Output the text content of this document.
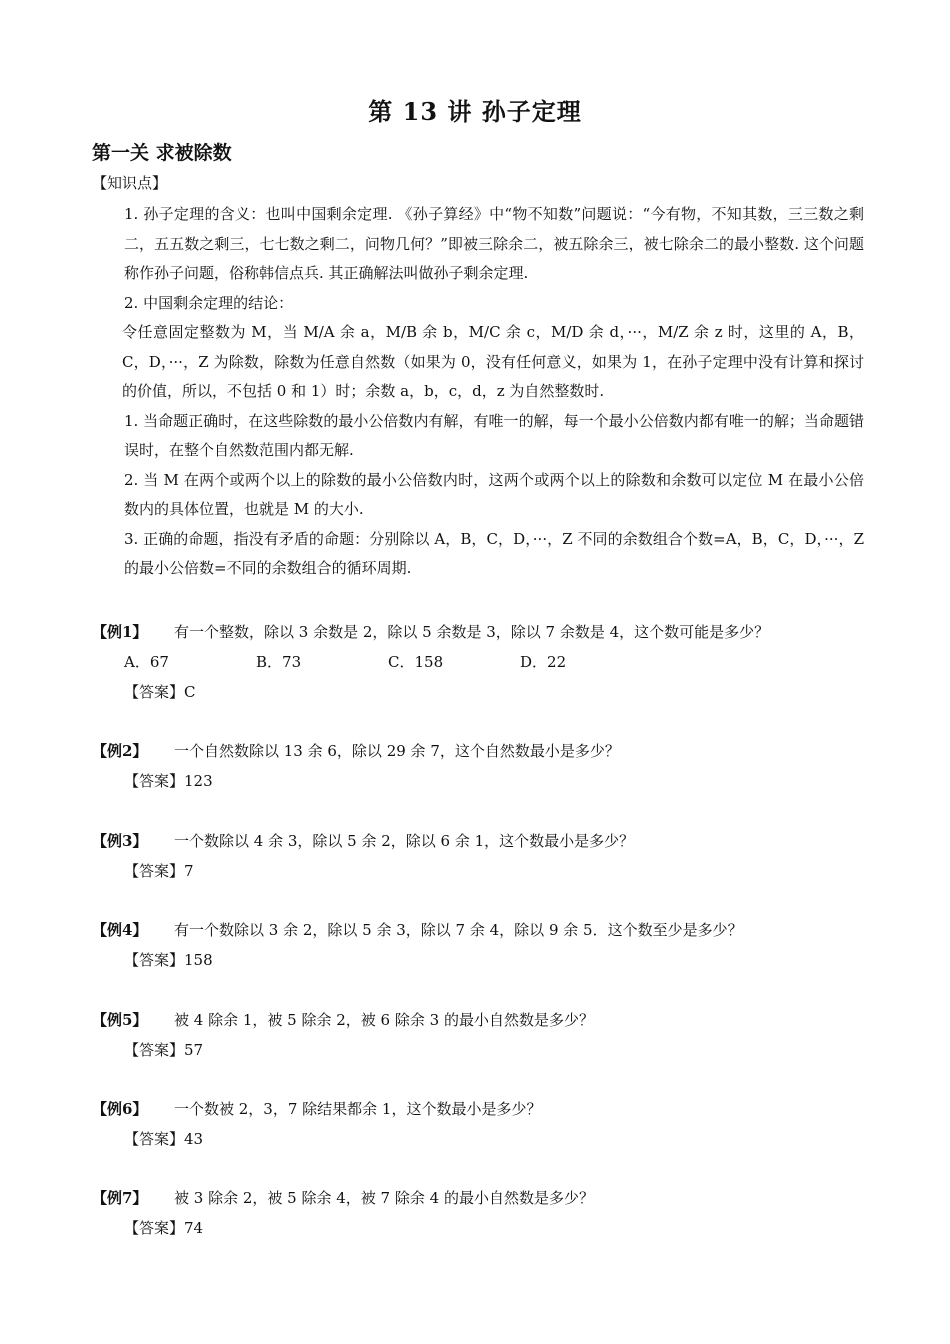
第 13 讲 孙子定理
第一关 求被除数
【知识点】

1. 孙子定理的含义：也叫中国剩余定理. 《孙子算经》中“物不知数”问题说：“今有物，不知其数，三三数之剩二，五五数之剩三，七七数之剩二，问物几何？”即被三除余二，被五除余三，被七除余二的最小整数. 这个问题称作孙子问题，俗称韩信点兵. 其正确解法叫做孙子剩余定理.

2. 中国剩余定理的结论：

令任意固定整数为 M，当 M/A 余 a，M/B 余 b，M/C 余 c，M/D 余 d，···，M/Z 余 z 时，这里的 A，B，C，D，···，Z 为除数，除数为任意自然数（如果为 0，没有任何意义，如果为 1，在孙子定理中没有计算和探讨的价值，所以，不包括 0 和 1）时；余数 a，b，c，d，z 为自然整数时.

1. 当命题正确时，在这些除数的最小公倍数内有解，有唯一的解，每一个最小公倍数内都有唯一的解；当命题错误时，在整个自然数范围内都无解.

2. 当 M 在两个或两个以上的除数的最小公倍数内时，这两个或两个以上的除数和余数可以定位 M 在最小公倍数内的具体位置，也就是 M 的大小.

3. 正确的命题，指没有矛盾的命题：分别除以 A，B，C，D，···，Z 不同的余数组合个数=A，B，C，D，···，Z 的最小公倍数=不同的余数组合的循环周期.

【例1】 有一个整数，除以 3 余数是 2，除以 5 余数是 3，除以 7 余数是 4，这个数可能是多少？
A．67	B．73	C．158	D．22
【答案】C
【例2】 一个自然数除以 13 余 6，除以 29 余 7，这个自然数最小是多少？
【答案】123
【例3】 一个数除以 4 余 3，除以 5 余 2，除以 6 余 1，这个数最小是多少？
【答案】7
【例4】 有一个数除以 3 余 2，除以 5 余 3，除以 7 余 4，除以 9 余 5．这个数至少是多少？
【答案】158
【例5】 被 4 除余 1，被 5 除余 2，被 6 除余 3 的最小自然数是多少？
【答案】57
【例6】 一个数被 2，3，7 除结果都余 1，这个数最小是多少？
【答案】43
【例7】 被 3 除余 2，被 5 除余 4，被 7 除余 4 的最小自然数是多少？
【答案】74
